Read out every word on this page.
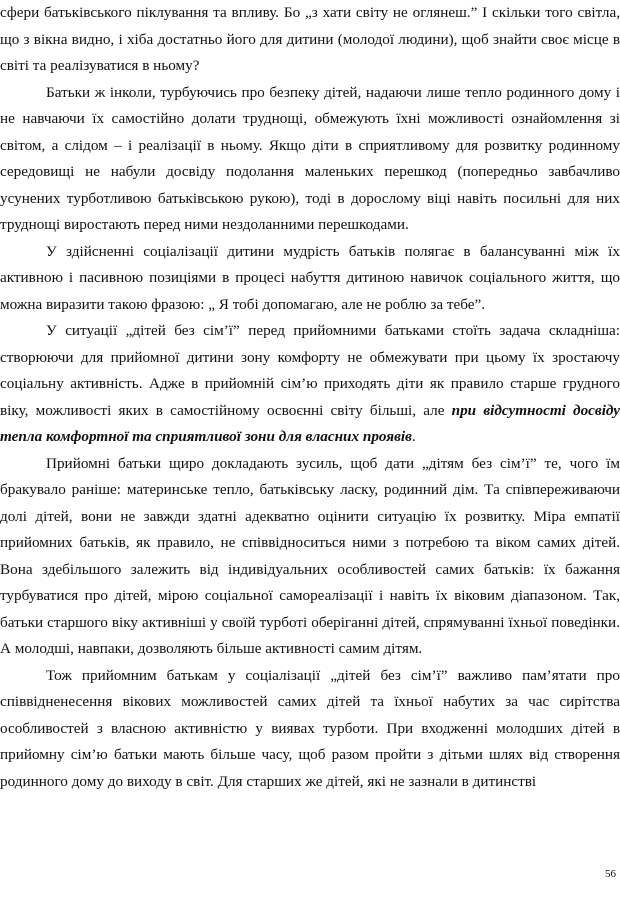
сфери батьківського піклування та впливу. Бо „з хати світу не оглянеш.” І скільки того світла, що з вікна видно, і хіба достатньо його для дитини (молодої людини), щоб знайти своє місце в світі та реалізуватися в ньому?

Батьки ж інколи, турбуючись про безпеку дітей, надаючи лише тепло родинного дому і не навчаючи їх самостійно долати труднощі, обмежують їхні можливості ознайомлення зі світом, а слідом – і реалізації в ньому. Якщо діти в сприятливому для розвитку родинному середовищі не набули досвіду подолання маленьких перешкод (попередньо завбачливо усунених турботливою батьківською рукою), тоді в дорослому віці навіть посильні для них труднощі виростають перед ними нездоланними перешкодами.

У здійсненні соціалізації дитини мудрість батьків полягає в балансуванні між їх активною і пасивною позиціями в процесі набуття дитиною навичок соціального життя, що можна виразити такою фразою: „ Я тобі допомагаю, але не роблю за тебе”.

У ситуації „дітей без сім’ї” перед прийомними батьками стоїть задача складніша: створюючи для прийомної дитини зону комфорту не обмежувати при цьому їх зростаючу соціальну активність. Адже в прийомній сім’ю приходять діти як правило старше грудного віку, можливості яких в самостійному освоєнні світу більші, але при відсутності досвіду тепла комфортної та сприятливої зони для власних проявів.

Прийомні батьки щиро докладають зусиль, щоб дати „дітям без сім’ї” те, чого їм бракувало раніше: материнське тепло, батьківську ласку, родинний дім. Та співпереживаючи долі дітей, вони не завжди здатні адекватно оцінити ситуацію їх розвитку. Міра емпатії прийомних батьків, як правило, не співвідноситься ними з потребою та віком самих дітей. Вона здебільшого залежить від індивідуальних особливостей самих батьків: їх бажання турбуватися про дітей, мірою соціальної самореалізації і навіть їх віковим діапазоном. Так, батьки старшого віку активніші у своїй турботі оберіганні дітей, спрямуванні їхньої поведінки. А молодші, навпаки, дозволяють більше активності самим дітям.

Тож прийомним батькам у соціалізації „дітей без сім’ї” важливо пам’ятати про співвідненесення вікових можливостей самих дітей та їхньої набутих за час сирітства особливостей з власною активністю у виявах турботи. При входженні молодших дітей в прийомну сім’ю батьки мають більше часу, щоб разом пройти з дітьми шлях від створення родинного дому до виходу в світ. Для старших же дітей, які не зазнали в дитинстві

56
